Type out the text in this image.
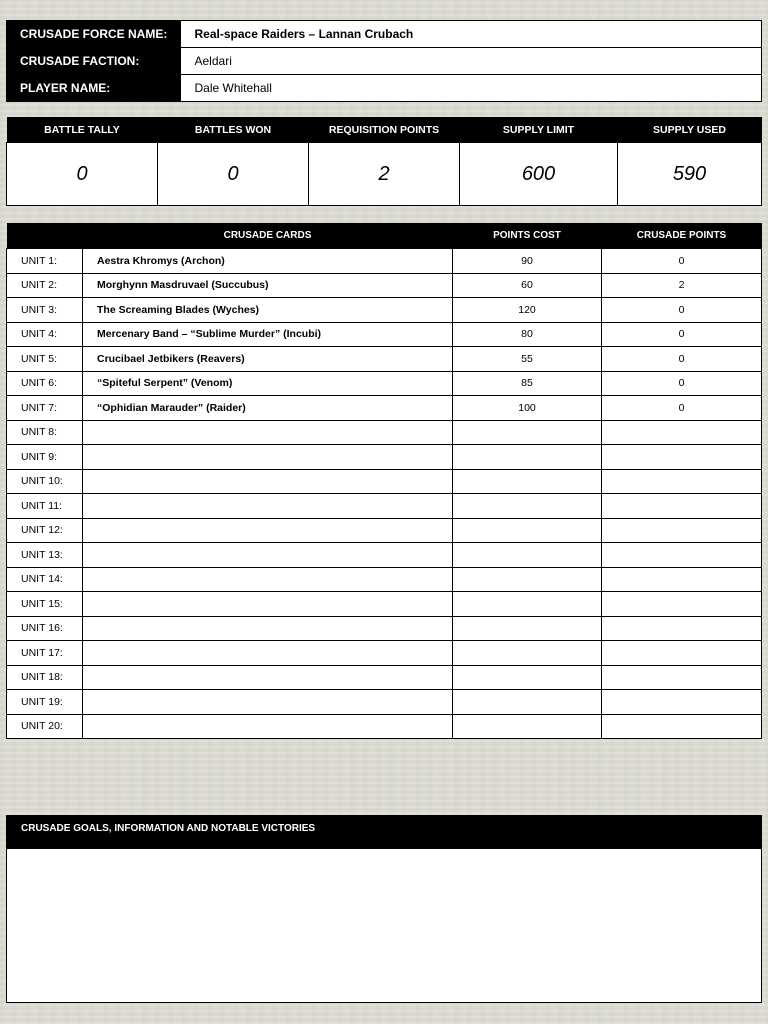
CRUSADE FORCE NAME:	Real-space Raiders – Lannan Crubach
CRUSADE FACTION:	Aeldari
PLAYER NAME:	Dale Whitehall
BATTLE TALLY	BATTLES WON	REQUISITION POINTS	SUPPLY LIMIT	SUPPLY USED
0	0	2	600	590
	CRUSADE CARDS	POINTS COST	CRUSADE POINTS
UNIT 1:	Aestra Khromys (Archon)	90	0
UNIT 2:	Morghynn Masdruvael (Succubus)	60	2
UNIT 3:	The Screaming Blades (Wyches)	120	0
UNIT 4:	Mercenary Band – “Sublime Murder” (Incubi)	80	0
UNIT 5:	Crucibael Jetbikers (Reavers)	55	0
UNIT 6:	“Spiteful Serpent” (Venom)	85	0
UNIT 7:	“Ophidian Marauder” (Raider)	100	0
UNIT 8:			
UNIT 9:			
UNIT 10:			
UNIT 11:			
UNIT 12:			
UNIT 13:			
UNIT 14:			
UNIT 15:			
UNIT 16:			
UNIT 17:			
UNIT 18:			
UNIT 19:			
UNIT 20:			
CRUSADE GOALS, INFORMATION AND NOTABLE VICTORIES
